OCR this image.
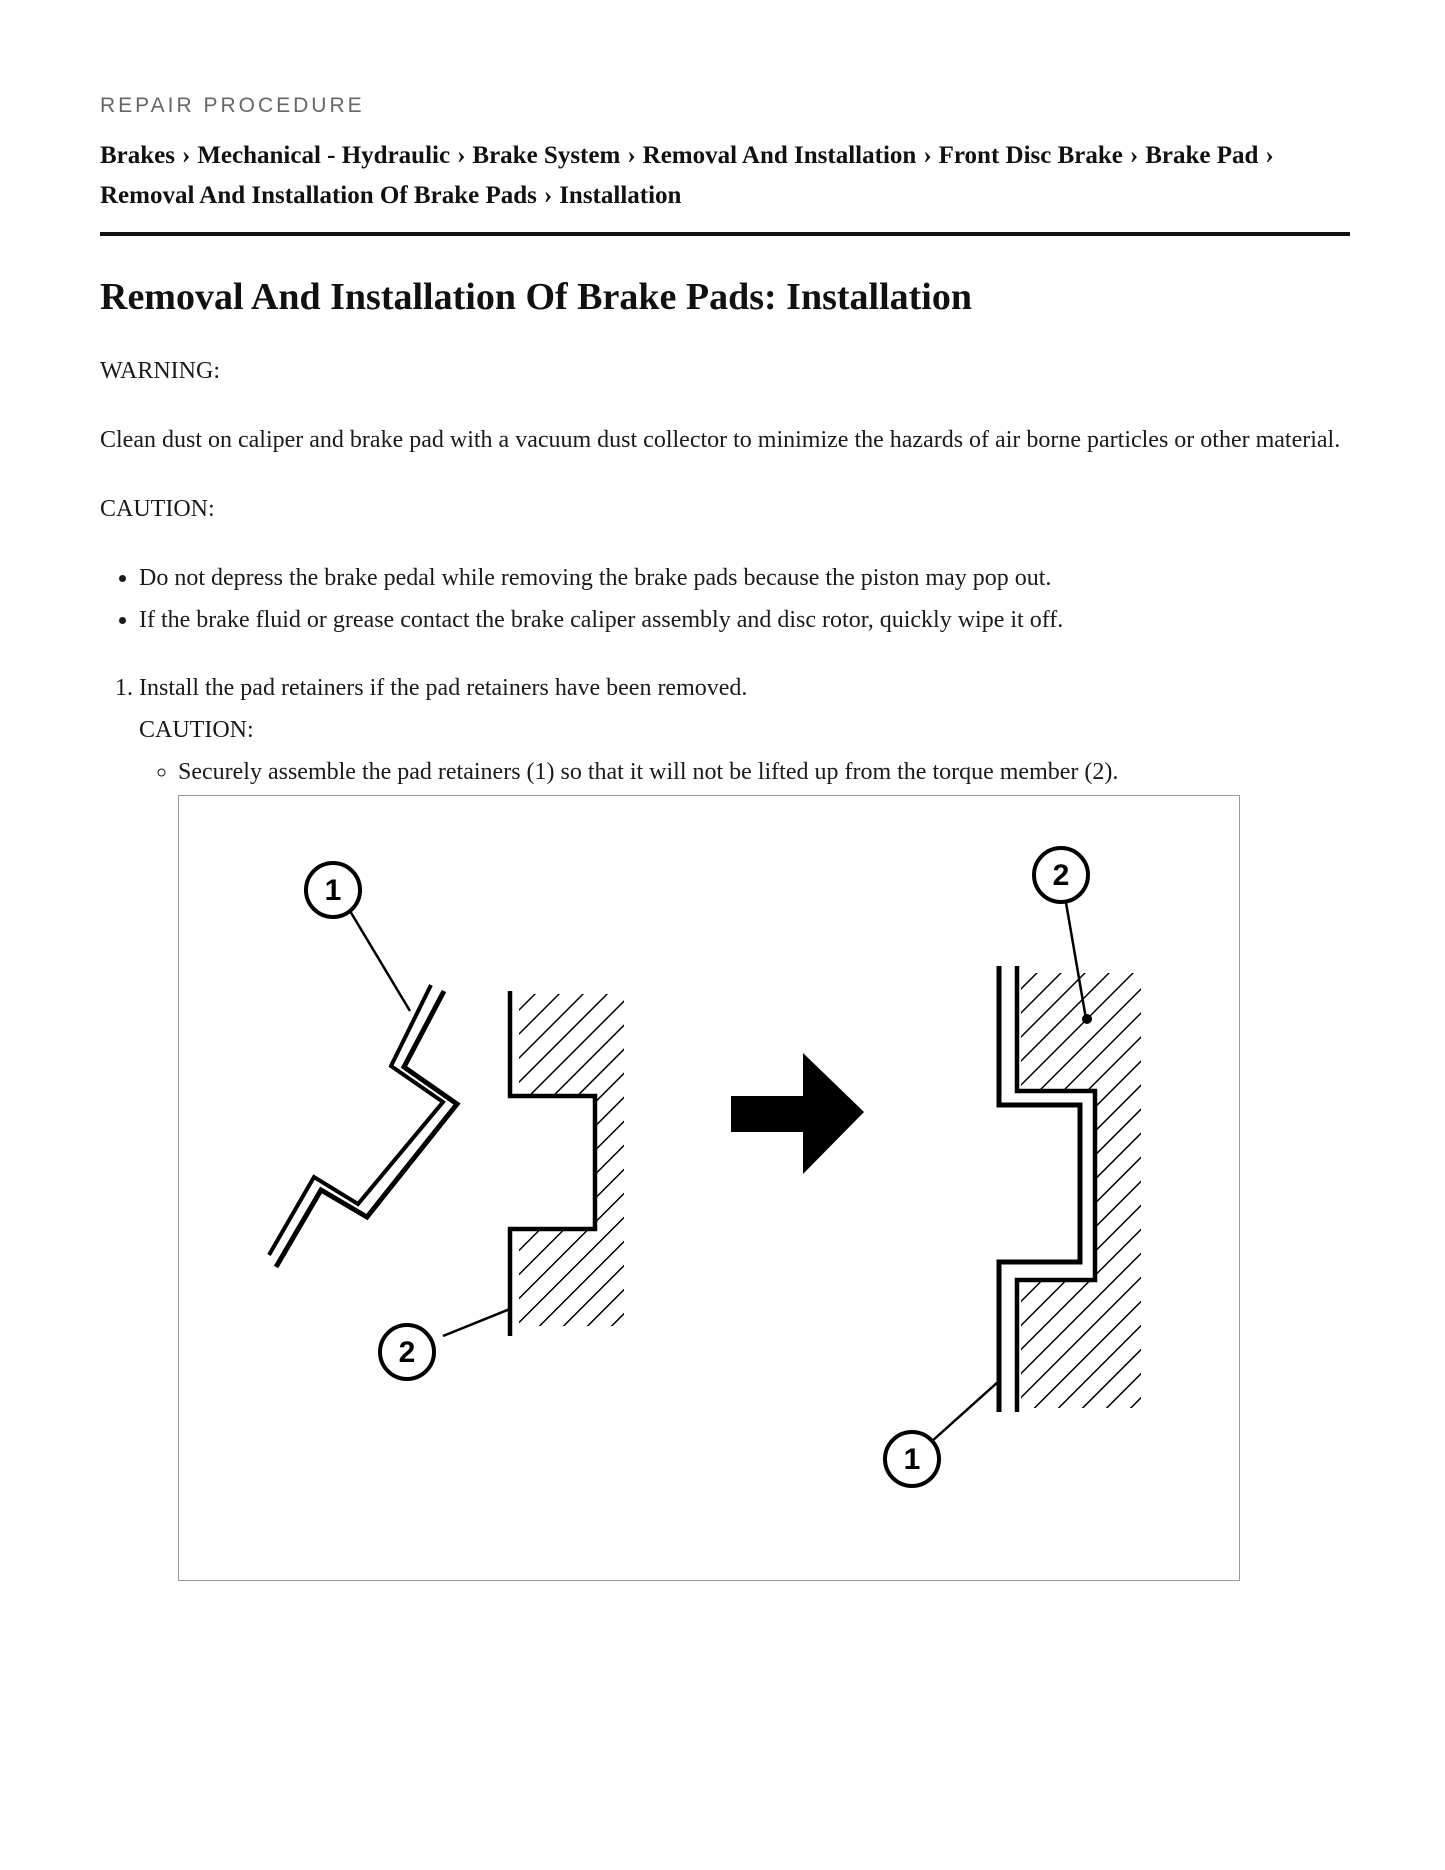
REPAIR PROCEDURE
Brakes › Mechanical - Hydraulic › Brake System › Removal And Installation › Front Disc Brake › Brake Pad ›
Removal And Installation Of Brake Pads › Installation
Removal And Installation Of Brake Pads: Installation

WARNING:

Clean dust on caliper and brake pad with a vacuum dust collector to minimize the hazards of air borne particles or other material.

CAUTION:

• Do not depress the brake pedal while removing the brake pads because the piston may pop out.
• If the brake fluid or grease contact the brake caliper assembly and disc rotor, quickly wipe it off.
1. Install the pad retainers if the pad retainers have been removed.
CAUTION:
◦ Securely assemble the pad retainers (1) so that it will not be lifted up from the torque member (2).
1
2
2
1
